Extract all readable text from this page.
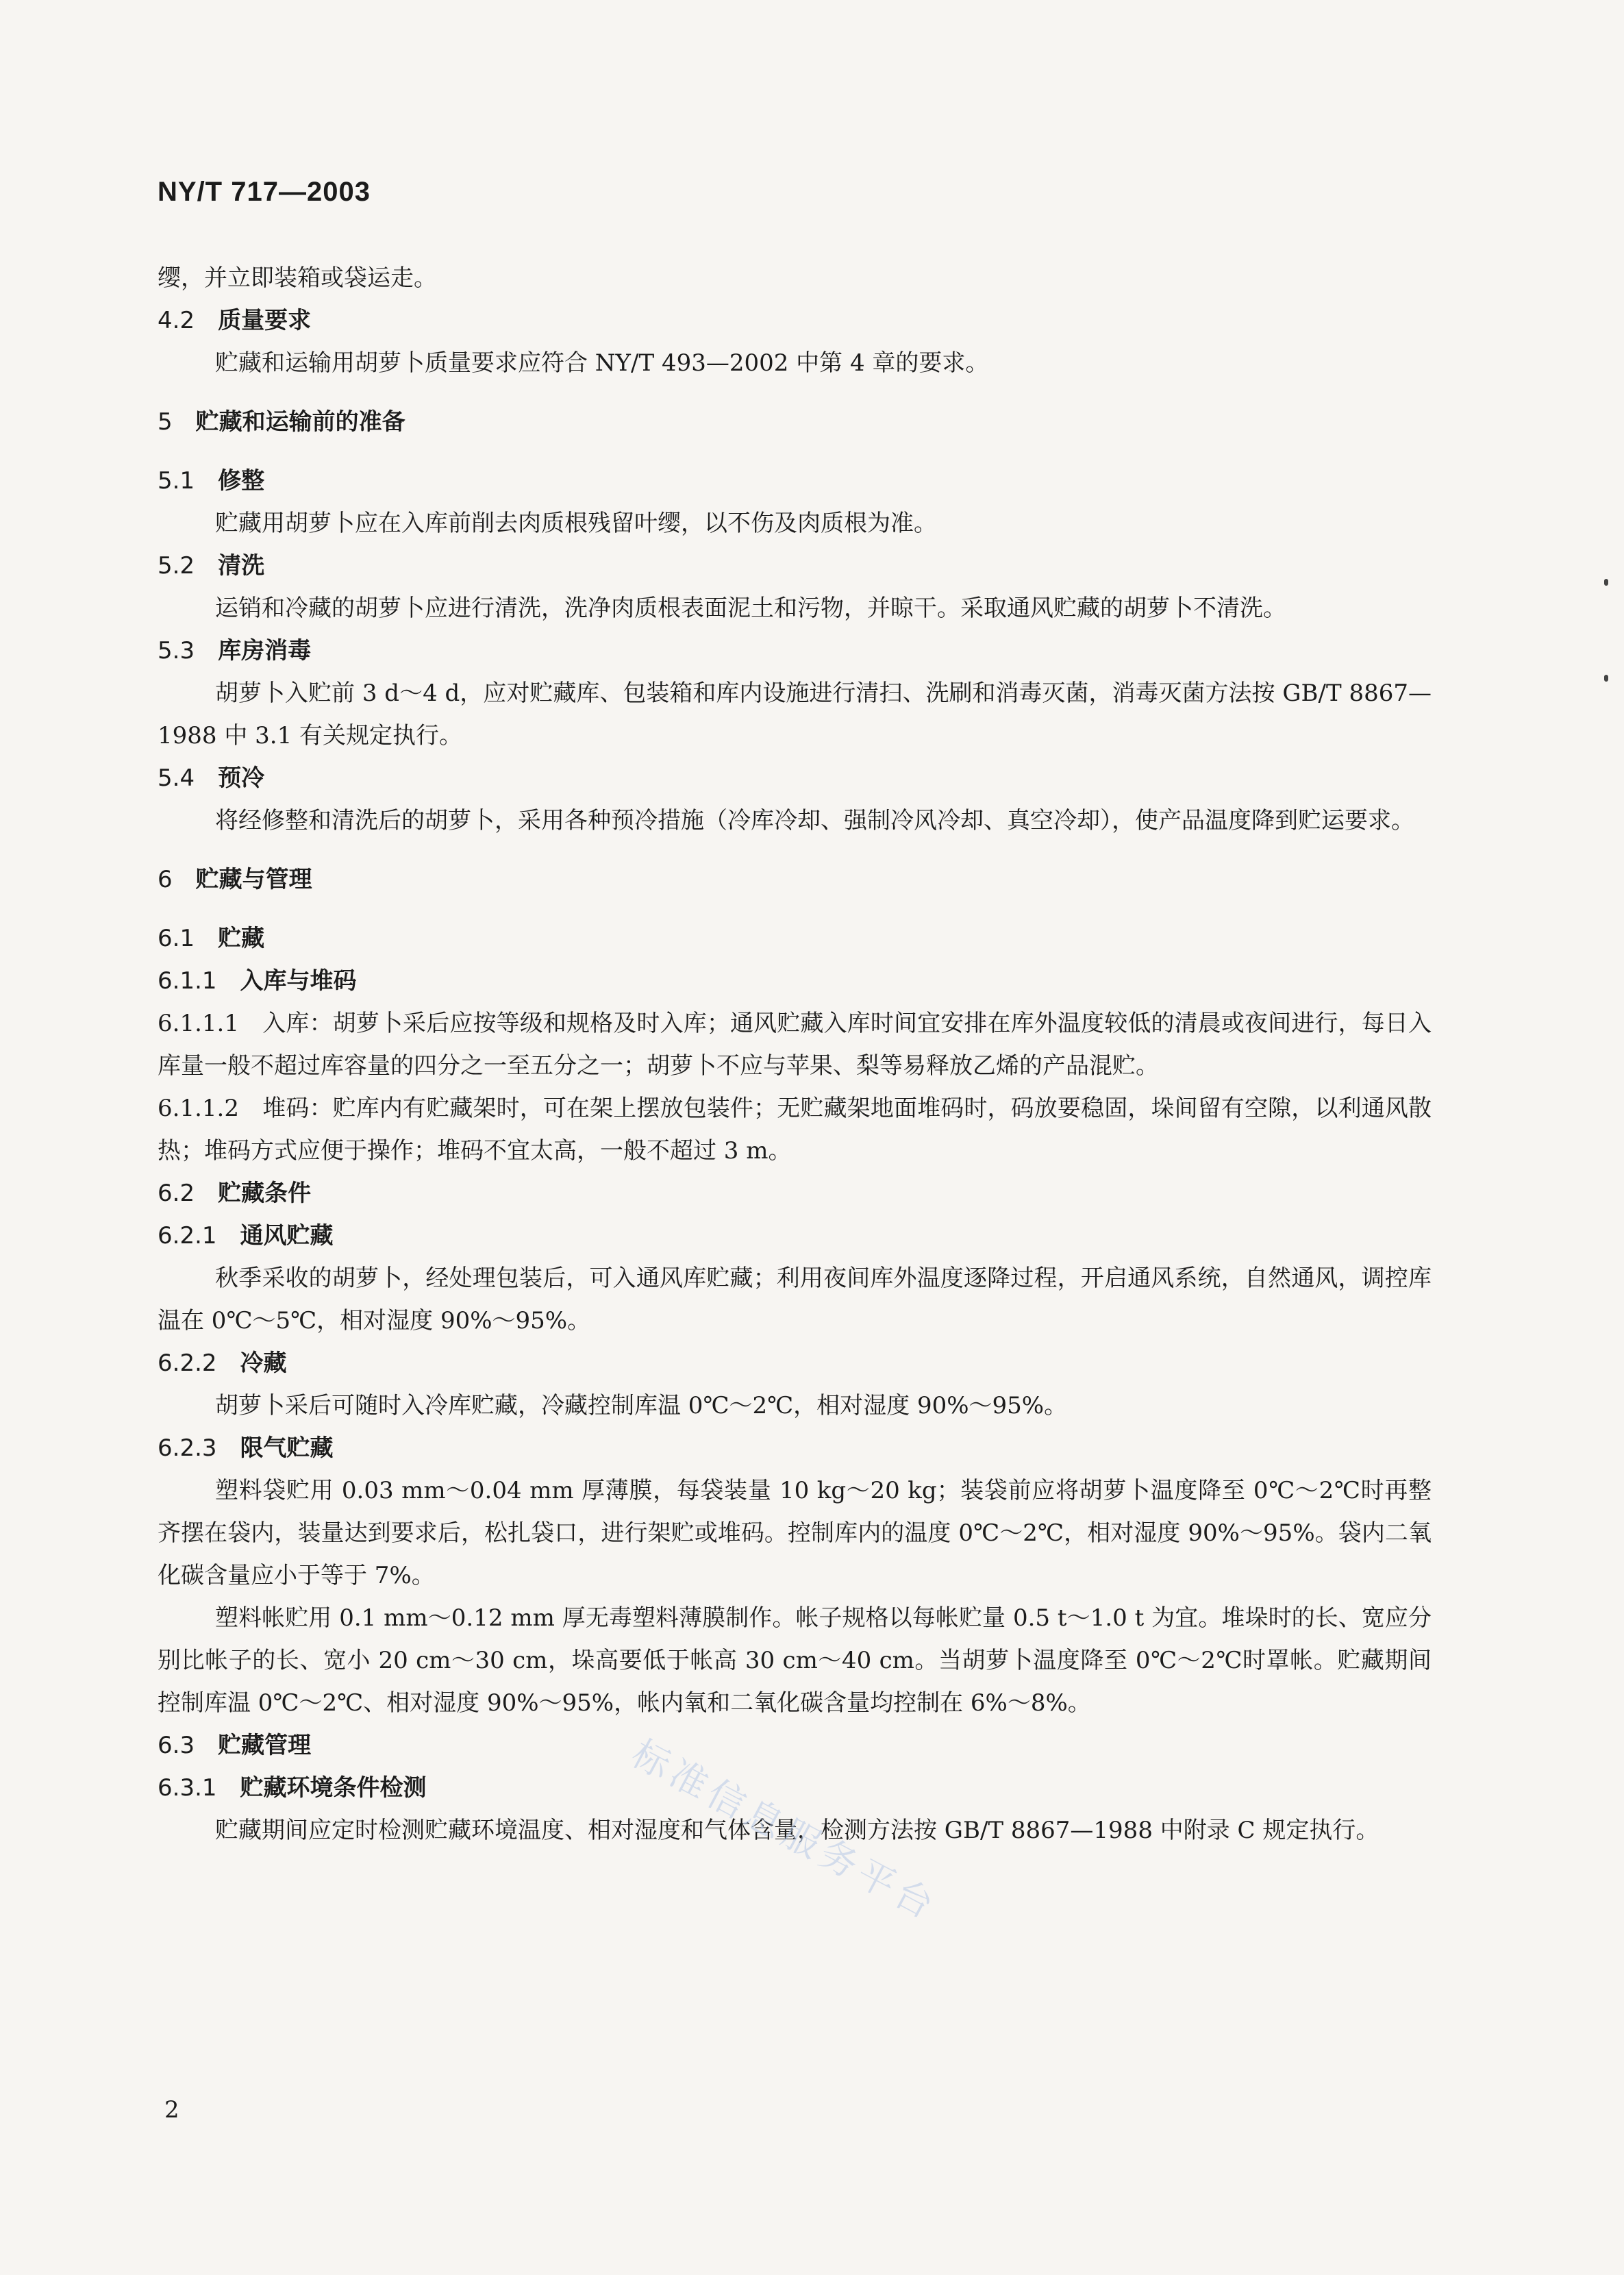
NY/T 717—2003

缨，并立即装箱或袋运走。

4.2 质量要求

贮藏和运输用胡萝卜质量要求应符合 NY/T 493—2002 中第 4 章的要求。

5 贮藏和运输前的准备
5.1 修整

贮藏用胡萝卜应在入库前削去肉质根残留叶缨，以不伤及肉质根为准。

5.2 清洗

运销和冷藏的胡萝卜应进行清洗，洗净肉质根表面泥土和污物，并晾干。采取通风贮藏的胡萝卜不清洗。

5.3 库房消毒

胡萝卜入贮前 3 d～4 d，应对贮藏库、包装箱和库内设施进行清扫、洗刷和消毒灭菌，消毒灭菌方法按 GB/T 8867—1988 中 3.1 有关规定执行。

5.4 预冷

将经修整和清洗后的胡萝卜，采用各种预冷措施（冷库冷却、强制冷风冷却、真空冷却），使产品温度降到贮运要求。

6 贮藏与管理
6.1 贮藏
6.1.1 入库与堆码

6.1.1.1　入库：胡萝卜采后应按等级和规格及时入库；通风贮藏入库时间宜安排在库外温度较低的清晨或夜间进行，每日入库量一般不超过库容量的四分之一至五分之一；胡萝卜不应与苹果、梨等易释放乙烯的产品混贮。

6.1.1.2　堆码：贮库内有贮藏架时，可在架上摆放包装件；无贮藏架地面堆码时，码放要稳固，垛间留有空隙，以利通风散热；堆码方式应便于操作；堆码不宜太高，一般不超过 3 m。

6.2 贮藏条件
6.2.1 通风贮藏

秋季采收的胡萝卜，经处理包装后，可入通风库贮藏；利用夜间库外温度逐降过程，开启通风系统，自然通风，调控库温在 0℃～5℃，相对湿度 90%～95%。

6.2.2 冷藏

胡萝卜采后可随时入冷库贮藏，冷藏控制库温 0℃～2℃，相对湿度 90%～95%。

6.2.3 限气贮藏

塑料袋贮用 0.03 mm～0.04 mm 厚薄膜，每袋装量 10 kg～20 kg；装袋前应将胡萝卜温度降至 0℃～2℃时再整齐摆在袋内，装量达到要求后，松扎袋口，进行架贮或堆码。控制库内的温度 0℃～2℃，相对湿度 90%～95%。袋内二氧化碳含量应小于等于 7%。

塑料帐贮用 0.1 mm～0.12 mm 厚无毒塑料薄膜制作。帐子规格以每帐贮量 0.5 t～1.0 t 为宜。堆垛时的长、宽应分别比帐子的长、宽小 20 cm～30 cm，垛高要低于帐高 30 cm～40 cm。当胡萝卜温度降至 0℃～2℃时罩帐。贮藏期间控制库温 0℃～2℃、相对湿度 90%～95%，帐内氧和二氧化碳含量均控制在 6%～8%。

6.3 贮藏管理
6.3.1 贮藏环境条件检测

贮藏期间应定时检测贮藏环境温度、相对湿度和气体含量，检测方法按 GB/T 8867—1988 中附录 C 规定执行。

标准信息服务平台
2
